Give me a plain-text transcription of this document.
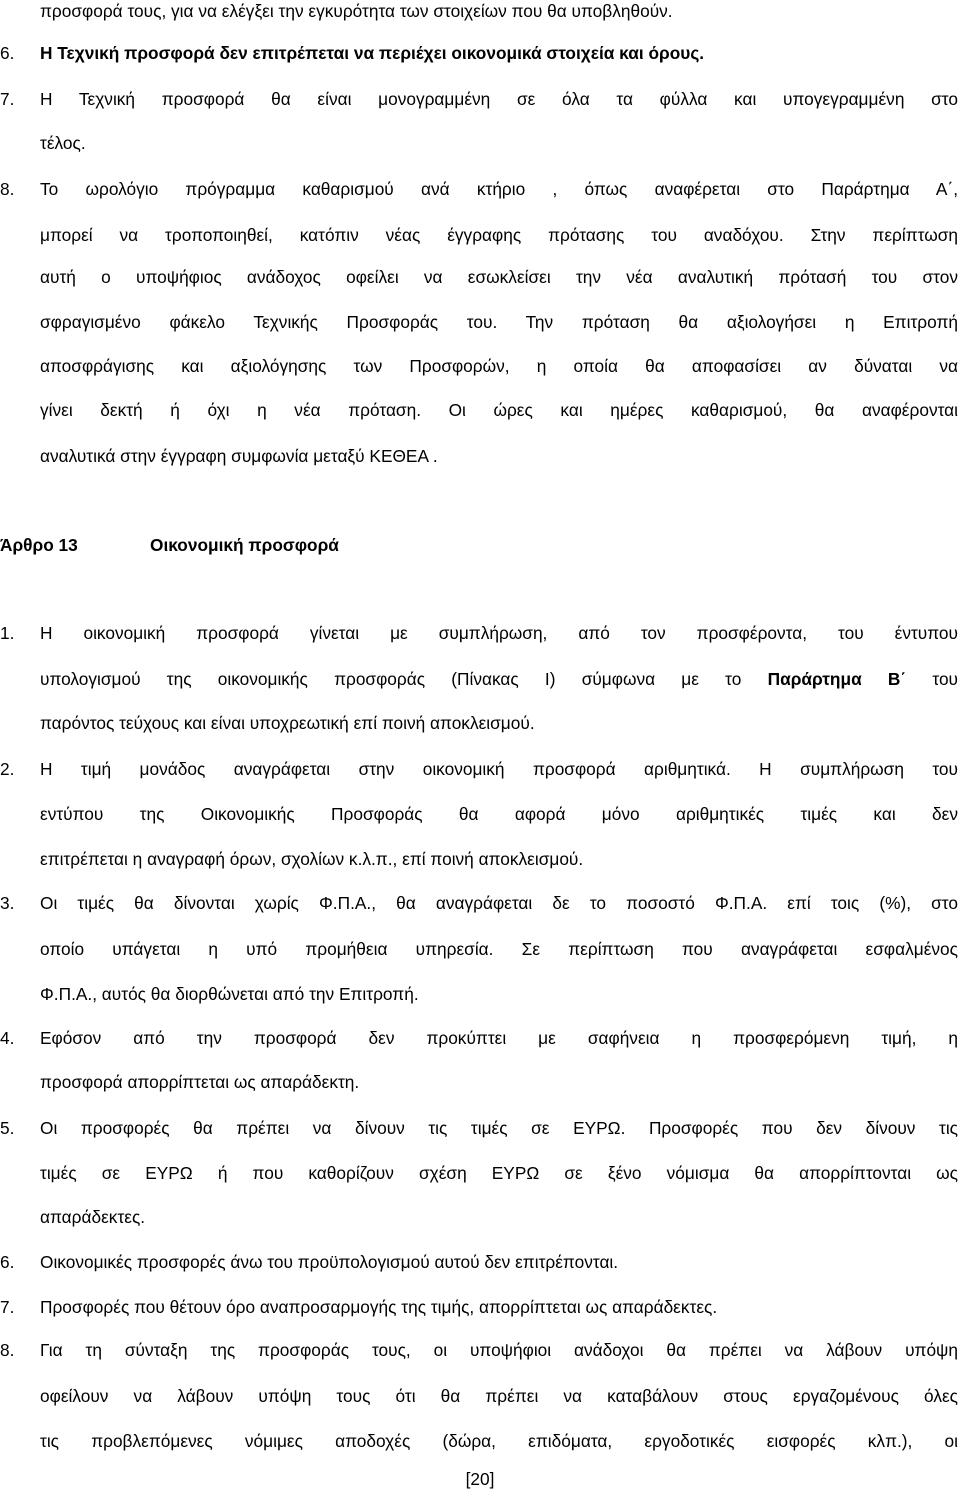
προσφορά τους, για να ελέγξει την εγκυρότητα των στοιχείων που θα υποβληθούν.
6.	Η Τεχνική προσφορά δεν επιτρέπεται να περιέχει οικονομικά στοιχεία και όρους.
7.	Η Τεχνική προσφορά θα είναι μονογραμμένη σε όλα τα φύλλα και υπογεγραμμένη στο
τέλος.
8.	Το ωρολόγιο πρόγραμμα καθαρισμού ανά κτήριο , όπως αναφέρεται στο Παράρτημα Α΄,
μπορεί να τροποποιηθεί, κατόπιν νέας έγγραφης πρότασης του αναδόχου. Στην περίπτωση
αυτή ο υποψήφιος ανάδοχος οφείλει να εσωκλείσει την νέα αναλυτική πρότασή του στον
σφραγισμένο φάκελο Τεχνικής Προσφοράς του. Την πρόταση θα αξιολογήσει η Επιτροπή
αποσφράγισης και αξιολόγησης των Προσφορών, η οποία θα αποφασίσει αν δύναται να
γίνει δεκτή ή όχι η νέα πρόταση. Οι ώρες και ημέρες καθαρισμού, θα αναφέρονται
αναλυτικά στην έγγραφη συμφωνία μεταξύ ΚΕΘΕΑ .
Άρθρο 13	Οικονομική προσφορά
1.	Η οικονομική προσφορά γίνεται με συμπλήρωση, από τον προσφέροντα, του έντυπου
υπολογισμού της οικονομικής προσφοράς (Πίνακας Ι) σύμφωνα με το Παράρτημα Β΄ του
παρόντος τεύχους και είναι υποχρεωτική επί ποινή αποκλεισμού.
2.	Η τιμή μονάδος αναγράφεται στην οικονομική προσφορά αριθμητικά. Η συμπλήρωση του
εντύπου της Οικονομικής Προσφοράς θα αφορά μόνο αριθμητικές τιμές και δεν
επιτρέπεται η αναγραφή όρων, σχολίων κ.λ.π., επί ποινή αποκλεισμού.
3.	Οι τιμές θα δίνονται χωρίς Φ.Π.Α., θα αναγράφεται δε το ποσοστό Φ.Π.Α. επί τοις (%), στο
οποίο υπάγεται η υπό προμήθεια υπηρεσία. Σε περίπτωση που αναγράφεται εσφαλμένος
Φ.Π.Α., αυτός θα διορθώνεται από την Επιτροπή.
4.	Εφόσον από την προσφορά δεν προκύπτει με σαφήνεια η προσφερόμενη τιμή, η
προσφορά απορρίπτεται ως απαράδεκτη.
5.	Οι προσφορές θα πρέπει να δίνουν τις τιμές σε ΕΥΡΩ. Προσφορές που δεν δίνουν τις
τιμές σε ΕΥΡΩ ή που καθορίζουν σχέση ΕΥΡΩ σε ξένο νόμισμα θα απορρίπτονται ως
απαράδεκτες.
6.	Οικονομικές προσφορές άνω του προϋπολογισμού αυτού δεν επιτρέπονται.
7.	Προσφορές που θέτουν όρο αναπροσαρμογής της τιμής, απορρίπτεται ως απαράδεκτες.
8.	Για τη σύνταξη της προσφοράς τους, οι υποψήφιοι ανάδοχοι θα πρέπει να λάβουν υπόψη
οφείλουν να λάβουν υπόψη τους ότι θα πρέπει να καταβάλουν στους εργαζομένους όλες
τις προβλεπόμενες νόμιμες αποδοχές (δώρα, επιδόματα, εργοδοτικές εισφορές κλπ.), οι
[20]
